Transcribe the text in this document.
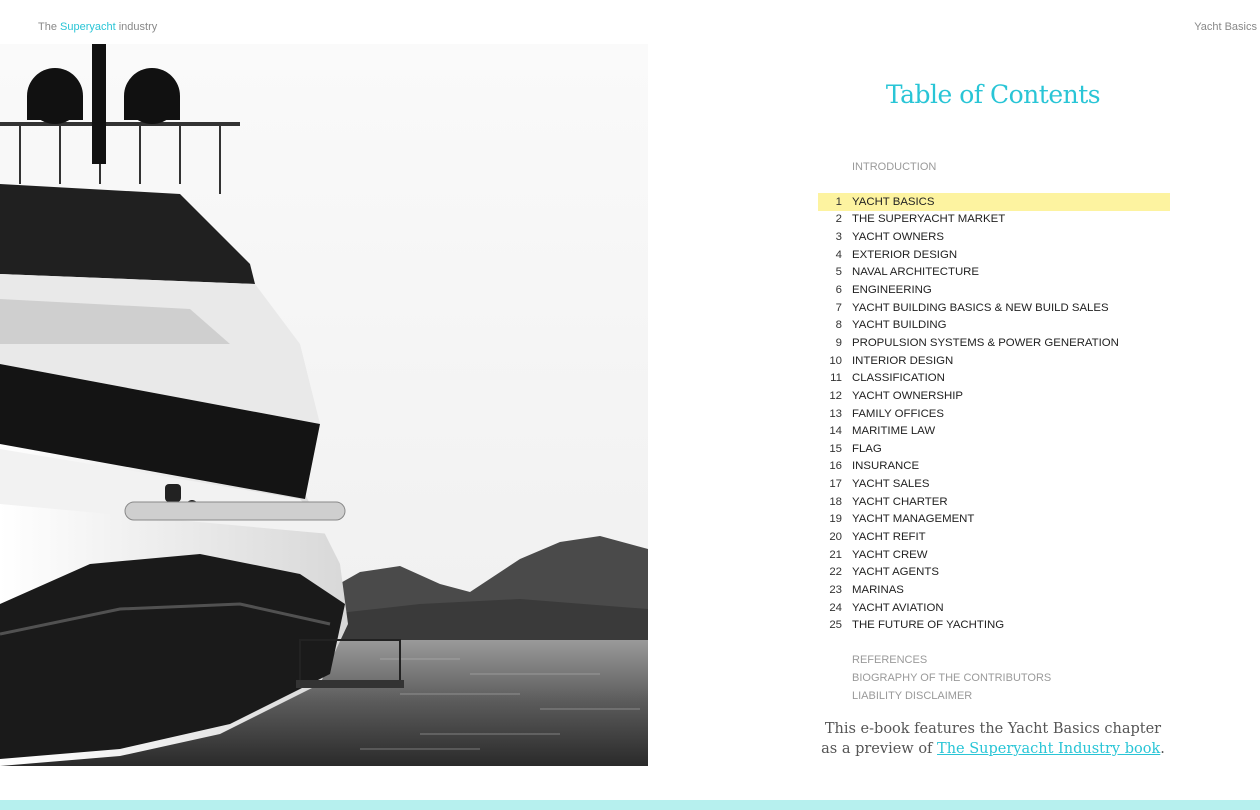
The Superyacht industry	Yacht Basics
Table of Contents
INTRODUCTION
1 YACHT BASICS
2 THE SUPERYACHT MARKET
3 YACHT OWNERS
4 EXTERIOR DESIGN
5 NAVAL ARCHITECTURE
6 ENGINEERING
7 YACHT BUILDING BASICS & NEW BUILD SALES
8 YACHT BUILDING
9 PROPULSION SYSTEMS & POWER GENERATION
10 INTERIOR DESIGN
11 CLASSIFICATION
12 YACHT OWNERSHIP
13 FAMILY OFFICES
14 MARITIME LAW
15 FLAG
16 INSURANCE
17 YACHT SALES
18 YACHT CHARTER
19 YACHT MANAGEMENT
20 YACHT REFIT
21 YACHT CREW
22 YACHT AGENTS
23 MARINAS
24 YACHT AVIATION
25 THE FUTURE OF YACHTING
REFERENCES
BIOGRAPHY OF THE CONTRIBUTORS
LIABILITY DISCLAIMER
This e-book features the Yacht Basics chapter as a preview of The Superyacht Industry book.
